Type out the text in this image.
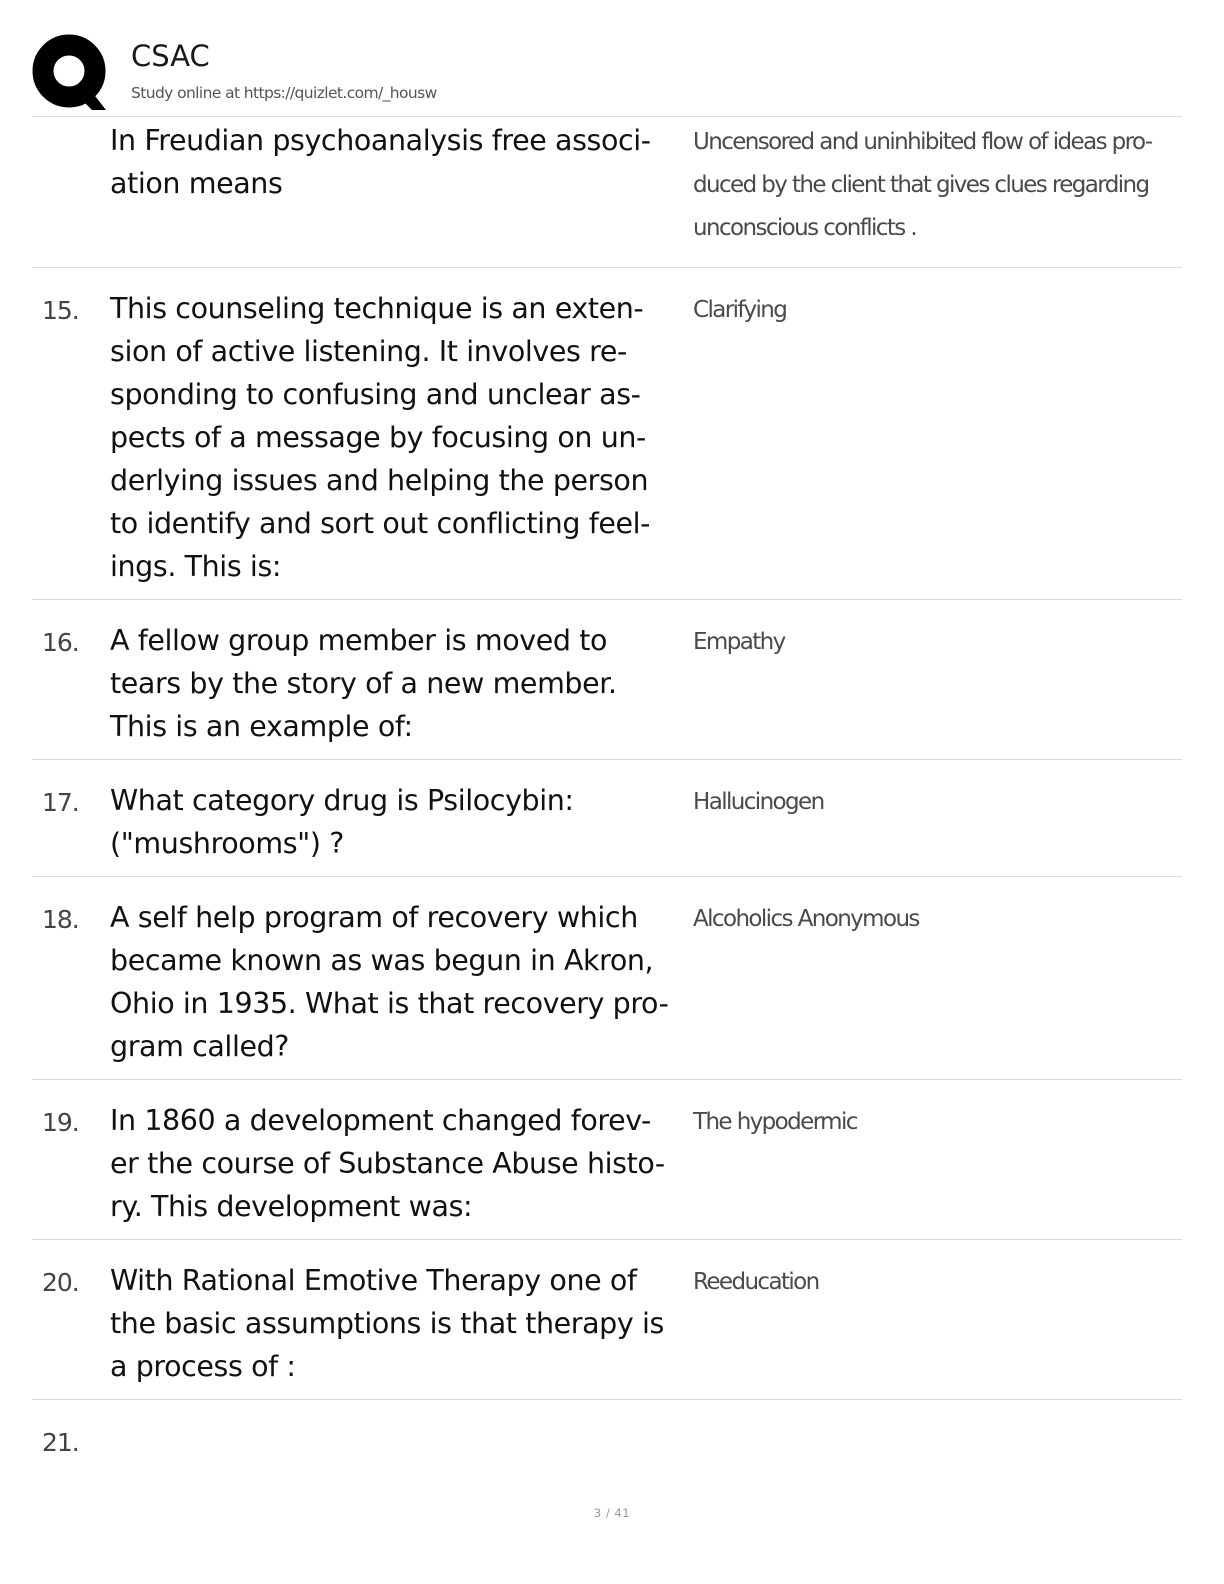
CSAC
Study online at https://quizlet.com/_housw
In Freudian psychoanalysis free associ-
ation means
Uncensored and uninhibited flow of ideas pro-
duced by the client that gives clues regarding
unconscious conflicts .
15. This counseling technique is an exten-
sion of active listening. It involves re-
sponding to confusing and unclear as-
pects of a message by focusing on un-
derlying issues and helping the person
to identify and sort out conflicting feel-
ings. This is:
Clarifying
16. A fellow group member is moved to
tears by the story of a new member.
This is an example of:
Empathy
17. What category drug is Psilocybin:
("mushrooms") ?
Hallucinogen
18. A self help program of recovery which
became known as was begun in Akron,
Ohio in 1935. What is that recovery pro-
gram called?
Alcoholics Anonymous
19. In 1860 a development changed forev-
er the course of Substance Abuse histo-
ry. This development was:
The hypodermic
20. With Rational Emotive Therapy one of
the basic assumptions is that therapy is
a process of :
Reeducation
21.
3 / 41
